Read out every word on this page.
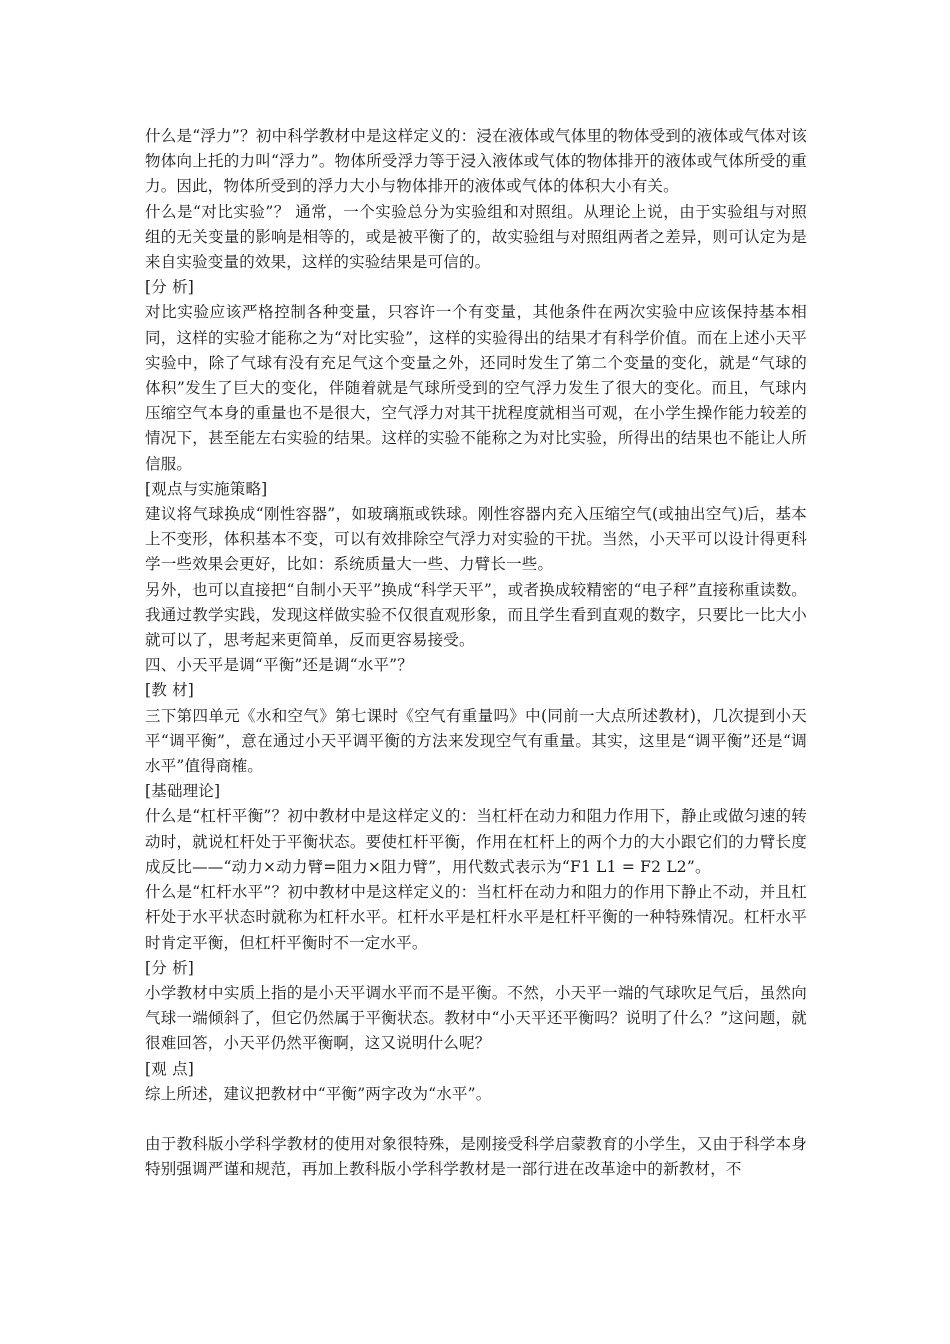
什么是“浮力”？初中科学教材中是这样定义的：浸在液体或气体里的物体受到的液体或气体对该物体向上托的力叫“浮力”。物体所受浮力等于浸入液体或气体的物体排开的液体或气体所受的重力。因此，物体所受到的浮力大小与物体排开的液体或气体的体积大小有关。

什么是“对比实验”？ 通常，一个实验总分为实验组和对照组。从理论上说，由于实验组与对照组的无关变量的影响是相等的，或是被平衡了的，故实验组与对照组两者之差异，则可认定为是来自实验变量的效果，这样的实验结果是可信的。

[分 析]

对比实验应该严格控制各种变量，只容许一个有变量，其他条件在两次实验中应该保持基本相同，这样的实验才能称之为“对比实验”，这样的实验得出的结果才有科学价值。而在上述小天平实验中，除了气球有没有充足气这个变量之外，还同时发生了第二个变量的变化，就是“气球的体积”发生了巨大的变化，伴随着就是气球所受到的空气浮力发生了很大的变化。而且，气球内压缩空气本身的重量也不是很大，空气浮力对其干扰程度就相当可观，在小学生操作能力较差的情况下，甚至能左右实验的结果。这样的实验不能称之为对比实验，所得出的结果也不能让人所信服。

[观点与实施策略]

建议将气球换成“刚性容器”，如玻璃瓶或铁球。刚性容器内充入压缩空气(或抽出空气)后，基本上不变形，体积基本不变，可以有效排除空气浮力对实验的干扰。当然，小天平可以设计得更科学一些效果会更好，比如：系统质量大一些、力臂长一些。

另外，也可以直接把“自制小天平”换成“科学天平”，或者换成较精密的“电子秤”直接称重读数。我通过教学实践，发现这样做实验不仅很直观形象，而且学生看到直观的数字，只要比一比大小就可以了，思考起来更简单，反而更容易接受。

四、小天平是调“平衡”还是调“水平”？

[教 材]

三下第四单元《水和空气》第七课时《空气有重量吗》中(同前一大点所述教材)，几次提到小天平“调平衡”，意在通过小天平调平衡的方法来发现空气有重量。其实，这里是“调平衡”还是“调水平”值得商榷。

[基础理论]

什么是“杠杆平衡”？初中教材中是这样定义的：当杠杆在动力和阻力作用下，静止或做匀速的转动时，就说杠杆处于平衡状态。要使杠杆平衡，作用在杠杆上的两个力的大小跟它们的力臂长度成反比——“动力×动力臂=阻力×阻力臂”，用代数式表示为“F1 L1 = F2 L2”。

什么是“杠杆水平”？初中教材中是这样定义的：当杠杆在动力和阻力的作用下静止不动，并且杠杆处于水平状态时就称为杠杆水平。杠杆水平是杠杆水平是杠杆平衡的一种特殊情况。杠杆水平时肯定平衡，但杠杆平衡时不一定水平。

[分 析]

小学教材中实质上指的是小天平调水平而不是平衡。不然，小天平一端的气球吹足气后，虽然向气球一端倾斜了，但它仍然属于平衡状态。教材中“小天平还平衡吗？说明了什么？”这问题，就很难回答，小天平仍然平衡啊，这又说明什么呢？

[观 点]

综上所述，建议把教材中“平衡”两字改为“水平”。

由于教科版小学科学教材的使用对象很特殊，是刚接受科学启蒙教育的小学生，又由于科学本身特别强调严谨和规范，再加上教科版小学科学教材是一部行进在改革途中的新教材，不
